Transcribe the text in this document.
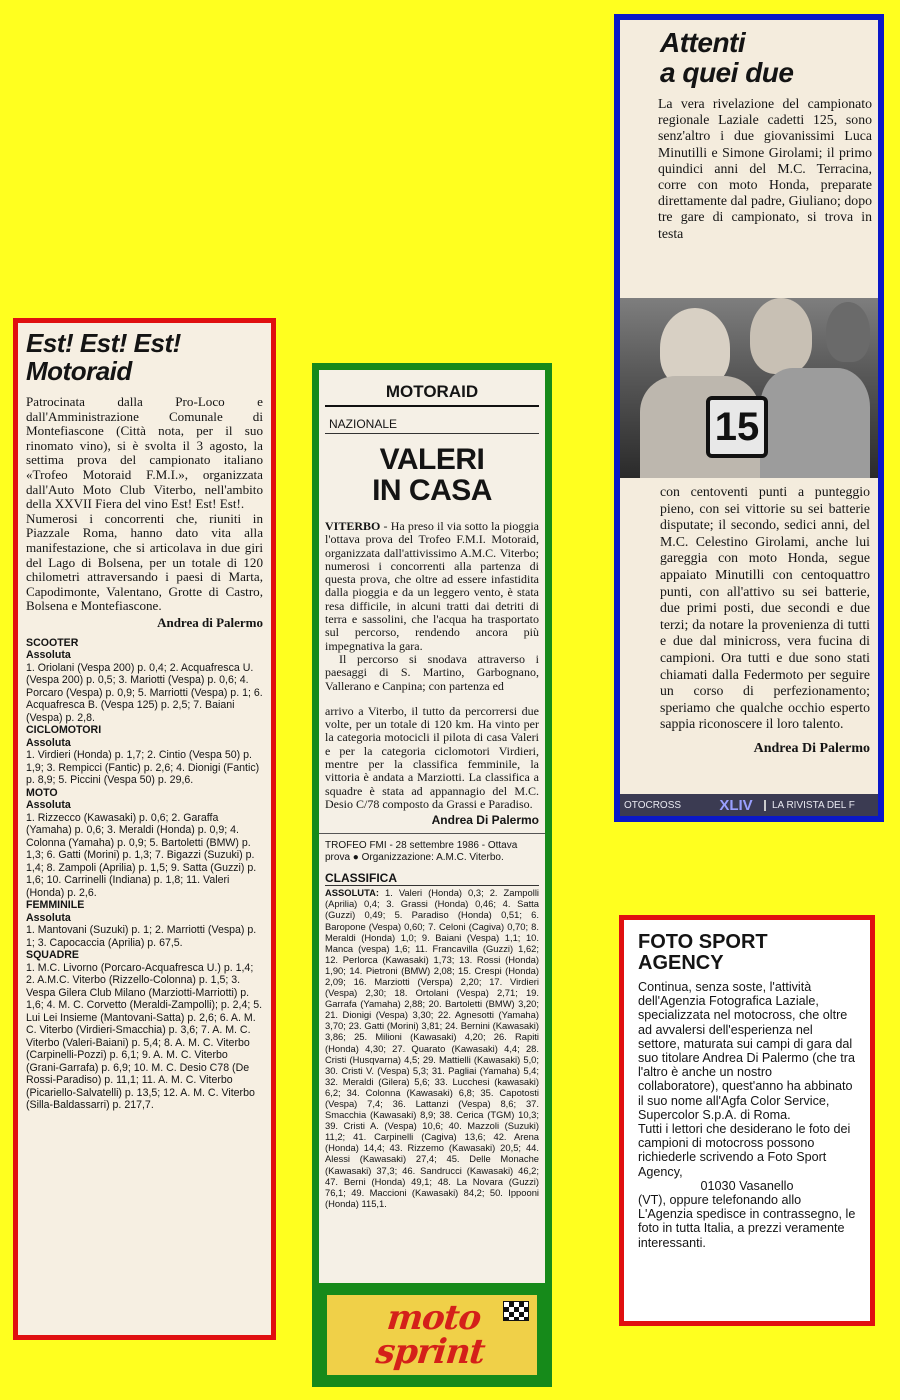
Est! Est! Est!
Motoraid

Patrocinata dalla Pro-Loco e dall'Amministrazione Comunale di Montefiascone (Città nota, per il suo rinomato vino), si è svolta il 3 agosto, la settima prova del campionato italiano «Trofeo Motoraid F.M.I.», organizzata dall'Auto Moto Club Viterbo, nell'ambito della XXVII Fiera del vino Est! Est! Est!.

Numerosi i concorrenti che, riuniti in Piazzale Roma, hanno dato vita alla manifestazione, che si articolava in due giri del Lago di Bolsena, per un totale di 120 chilometri attraversando i paesi di Marta, Capodimonte, Valentano, Grotte di Castro, Bolsena e Montefiascone.

Andrea di Palermo
SCOOTER
Assoluta
1. Oriolani (Vespa 200) p. 0,4; 2. Acquafresca U. (Vespa 200) p. 0,5; 3. Mariotti (Vespa) p. 0,6; 4. Porcaro (Vespa) p. 0,9; 5. Marriotti (Vespa) p. 1; 6. Acquafresca B. (Vespa 125) p. 2,5; 7. Baiani (Vespa) p. 2,8.
CICLOMOTORI
Assoluta
1. Virdieri (Honda) p. 1,7; 2. Cintio (Vespa 50) p. 1,9; 3. Rempicci (Fantic) p. 2,6; 4. Dionigi (Fantic) p. 8,9; 5. Piccini (Vespa 50) p. 29,6.
MOTO
Assoluta
1. Rizzecco (Kawasaki) p. 0,6; 2. Garaffa (Yamaha) p. 0,6; 3. Meraldi (Honda) p. 0,9; 4. Colonna (Yamaha) p. 0,9; 5. Bartoletti (BMW) p. 1,3; 6. Gatti (Morini) p. 1,3; 7. Bigazzi (Suzuki) p. 1,4; 8. Zampoli (Aprilia) p. 1,5; 9. Satta (Guzzi) p. 1,6; 10. Carrinelli (Indiana) p. 1,8; 11. Valeri (Honda) p. 2,6.
FEMMINILE
Assoluta
1. Mantovani (Suzuki) p. 1; 2. Marriotti (Vespa) p. 1; 3. Capocaccia (Aprilia) p. 67,5.
SQUADRE
1. M.C. Livorno (Porcaro-Acquafresca U.) p. 1,4; 2. A.M.C. Viterbo (Rizzello-Colonna) p. 1,5; 3. Vespa Gilera Club Milano (Marziotti-Marriotti) p. 1,6; 4. M. C. Corvetto (Meraldi-Zampolli); p. 2,4; 5. Lui Lei Insieme (Mantovani-Satta) p. 2,6; 6. A. M. C. Viterbo (Virdieri-Smacchia) p. 3,6; 7. A. M. C. Viterbo (Valeri-Baiani) p. 5,4; 8. A. M. C. Viterbo (Carpinelli-Pozzi) p. 6,1; 9. A. M. C. Viterbo (Grani-Garrafa) p. 6,9; 10. M. C. Desio C78 (De Rossi-Paradiso) p. 11,1; 11. A. M. C. Viterbo (Picariello-Salvatelli) p. 13,5; 12. A. M. C. Viterbo (Silla-Baldassarri) p. 217,7.
MOTORAID
NAZIONALE
VALERI
IN CASA

VITERBO - Ha preso il via sotto la pioggia l'ottava prova del Trofeo F.M.I. Motoraid, organizzata dall'attivissimo A.M.C. Viterbo; numerosi i concorrenti alla partenza di questa prova, che oltre ad essere infastidita dalla pioggia e da un leggero vento, è stata resa difficile, in alcuni tratti dai detriti di terra e sassolini, che l'acqua ha trasportato sul percorso, rendendo ancora più impegnativa la gara.

Il percorso si snodava attraverso i paesaggi di S. Martino, Garbognano, Vallerano e Canpina; con partenza ed

arrivo a Viterbo, il tutto da percorrersi due volte, per un totale di 120 km. Ha vinto per la categoria motocicli il pilota di casa Valeri e per la categoria ciclomotori Virdieri, mentre per la classifica femminile, la vittoria è andata a Marziotti. La classifica a squadre è stata ad appannagio del M.C. Desio C/78 composto da Grassi e Paradiso.

Andrea Di Palermo
TROFEO FMI - 28 settembre 1986 - Ottava prova ● Organizzazione: A.M.C. Viterbo.
CLASSIFICA
ASSOLUTA: 1. Valeri (Honda) 0,3; 2. Zampolli (Aprilia) 0,4; 3. Grassi (Honda) 0,46; 4. Satta (Guzzi) 0,49; 5. Paradiso (Honda) 0,51; 6. Baropone (Vespa) 0,60; 7. Celoni (Cagiva) 0,70; 8. Meraldi (Honda) 1,0; 9. Baiani (Vespa) 1,1; 10. Manca (vespa) 1,6; 11. Francavilla (Guzzi) 1,62; 12. Perlorca (Kawasaki) 1,73; 13. Rossi (Honda) 1,90; 14. Pietroni (BMW) 2,08; 15. Crespi (Honda) 2,09; 16. Marziotti (Verspa) 2,20; 17. Virdieri (Vespa) 2,30; 18. Ortolani (Vespa) 2,71; 19. Garrafa (Yamaha) 2,88; 20. Bartoletti (BMW) 3,20; 21. Dionigi (Vespa) 3,30; 22. Agnesotti (Yamaha) 3,70; 23. Gatti (Morini) 3,81; 24. Bernini (Kawasaki) 3,86; 25. Milioni (Kawasaki) 4,20; 26. Rapiti (Honda) 4,30; 27. Quarato (Kawasaki) 4,4; 28. Cristi (Husqvarna) 4,5; 29. Mattielli (Kawasaki) 5,0; 30. Cristi V. (Vespa) 5,3; 31. Pagliai (Yamaha) 5,4; 32. Meraldi (Gilera) 5,6; 33. Lucchesi (kawasaki) 6,2; 34. Colonna (Kawasaki) 6,8; 35. Capotosti (Vespa) 7,4; 36. Lattanzi (Vespa) 8,6; 37. Smacchia (Kawasaki) 8,9; 38. Cerica (TGM) 10,3; 39. Cristi A. (Vespa) 10,6; 40. Mazzoli (Suzuki) 11,2; 41. Carpinelli (Cagiva) 13,6; 42. Arena (Honda) 14,4; 43. Rizzemo (Kawasaki) 20,5; 44. Alessi (Kawasaki) 27,4; 45. Delle Monache (Kawasaki) 37,3; 46. Sandrucci (Kawasaki) 46,2; 47. Berni (Honda) 49,1; 48. La Novara (Guzzi) 76,1; 49. Maccioni (Kawasaki) 84,2; 50. Ippooni (Honda) 115,1.
moto
sprint
Attenti
a quei due

La vera rivelazione del campionato regionale Laziale cadetti 125, sono senz'altro i due giovanissimi Luca Minutilli e Simone Girolami; il primo quindici anni del M.C. Terracina, corre con moto Honda, preparate direttamente dal padre, Giuliano; dopo tre gare di campionato, si trova in testa

15

con centoventi punti a punteggio pieno, con sei vittorie su sei batterie disputate; il secondo, sedici anni, del M.C. Celestino Girolami, anche lui gareggia con moto Honda, segue appaiato Minutilli con centoquattro punti, con all'attivo su sei batterie, due primi posti, due secondi e due terzi; da notare la provenienza di tutti e due dal minicross, vera fucina di campioni. Ora tutti e due sono stati chiamati dalla Federmoto per seguire un corso di perfezionamento; speriamo che qualche occhio esperto sappia riconoscere il loro talento.

Andrea Di Palermo
OTOCROSS	XLIV	LA RIVISTA DEL F
FOTO SPORT
AGENCY

Continua, senza soste, l'attività dell'Agenzia Fotografica Laziale, specializzata nel motocross, che oltre ad avvalersi dell'esperienza nel settore, maturata sui campi di gara dal suo titolare Andrea Di Palermo (che tra l'altro è anche un nostro collaboratore), quest'anno ha abbinato il suo nome all'Agfa Color Service, Supercolor S.p.A. di Roma.

Tutti i lettori che desiderano le foto dei campioni di motocross possono richiederle scrivendo a Foto Sport Agency,

01030 Vasanello

(VT), oppure telefonando allo L'Agenzia spedisce in contrassegno, le foto in tutta Italia, a prezzi veramente interessanti.
